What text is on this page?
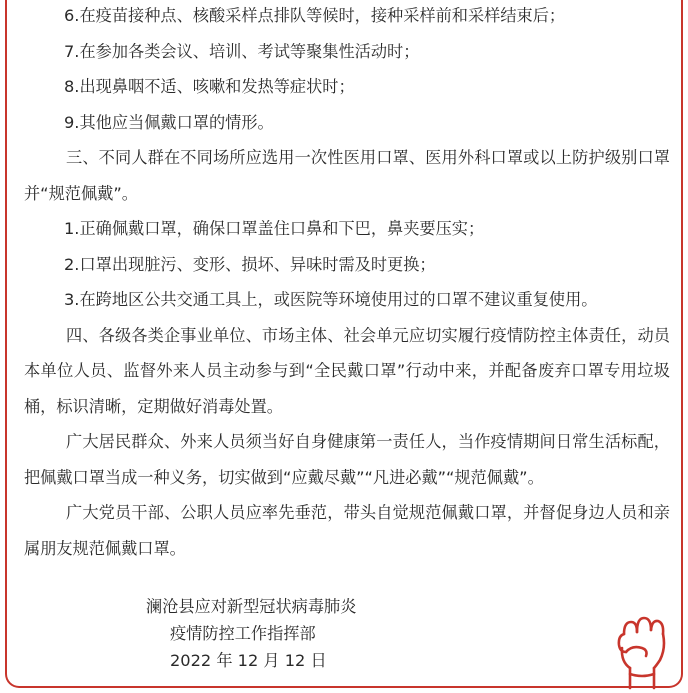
6.在疫苗接种点、核酸采样点排队等候时，接种采样前和采样结束后；

7.在参加各类会议、培训、考试等聚集性活动时；

8.出现鼻咽不适、咳嗽和发热等症状时；

9.其他应当佩戴口罩的情形。

三、不同人群在不同场所应选用一次性医用口罩、医用外科口罩或以上防护级别口罩并“规范佩戴”。

1.正确佩戴口罩，确保口罩盖住口鼻和下巴，鼻夹要压实；

2.口罩出现脏污、变形、损坏、异味时需及时更换；

3.在跨地区公共交通工具上，或医院等环境使用过的口罩不建议重复使用。

四、各级各类企事业单位、市场主体、社会单元应切实履行疫情防控主体责任，动员本单位人员、监督外来人员主动参与到“全民戴口罩”行动中来，并配备废弃口罩专用垃圾桶，标识清晰，定期做好消毒处置。

广大居民群众、外来人员须当好自身健康第一责任人，当作疫情期间日常生活标配，把佩戴口罩当成一种义务，切实做到“应戴尽戴”“凡进必戴”“规范佩戴”。

广大党员干部、公职人员应率先垂范，带头自觉规范佩戴口罩，并督促身边人员和亲属朋友规范佩戴口罩。

澜沧县应对新型冠状病毒肺炎
疫情防控工作指挥部
2022 年 12 月 12 日
